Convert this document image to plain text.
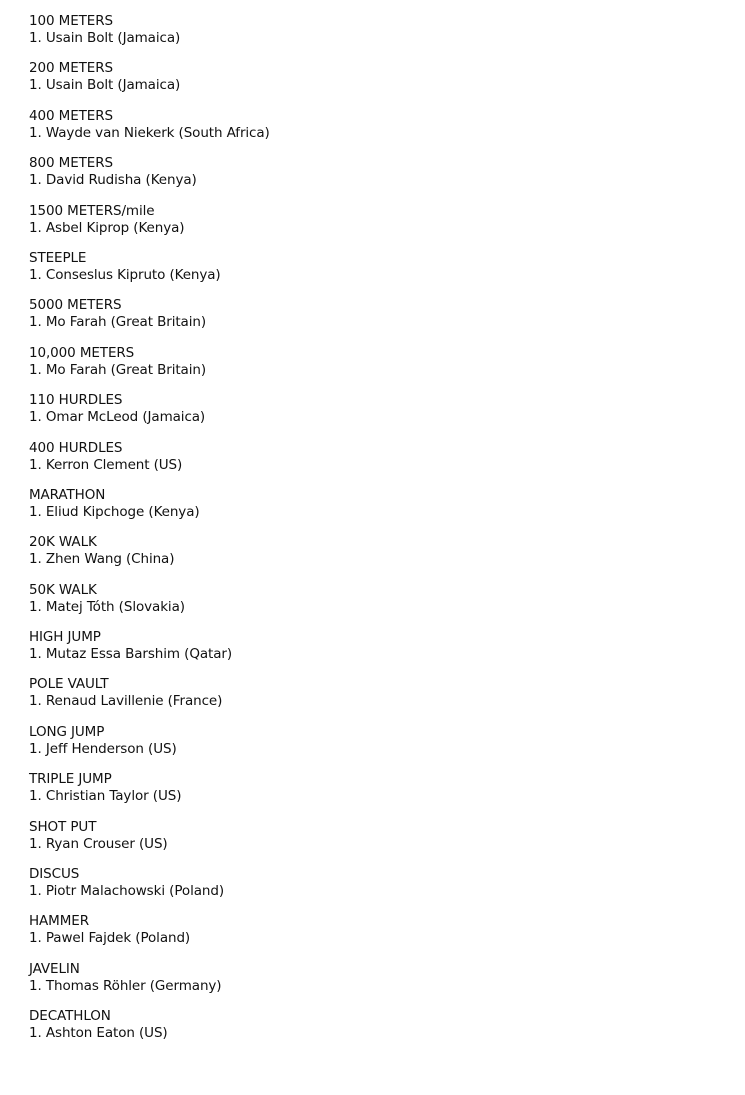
100 METERS
1. Usain Bolt (Jamaica)
200 METERS
1. Usain Bolt (Jamaica)
400 METERS
1. Wayde van Niekerk (South Africa)
800 METERS
1. David Rudisha (Kenya)
1500 METERS/mile
1. Asbel Kiprop (Kenya)
STEEPLE
1. Conseslus Kipruto (Kenya)
5000 METERS
1. Mo Farah (Great Britain)
10,000 METERS
1. Mo Farah (Great Britain)
110 HURDLES
1. Omar McLeod (Jamaica)
400 HURDLES
1. Kerron Clement (US)
MARATHON
1. Eliud Kipchoge (Kenya)
20K WALK
1. Zhen Wang (China)
50K WALK
1. Matej Tóth (Slovakia)
HIGH JUMP
1. Mutaz Essa Barshim (Qatar)
POLE VAULT
1. Renaud Lavillenie (France)
LONG JUMP
1. Jeff Henderson (US)
TRIPLE JUMP
1. Christian Taylor (US)
SHOT PUT
1. Ryan Crouser (US)
DISCUS
1. Piotr Malachowski (Poland)
HAMMER
1. Pawel Fajdek (Poland)
JAVELIN
1. Thomas Röhler (Germany)
DECATHLON
1. Ashton Eaton (US)
